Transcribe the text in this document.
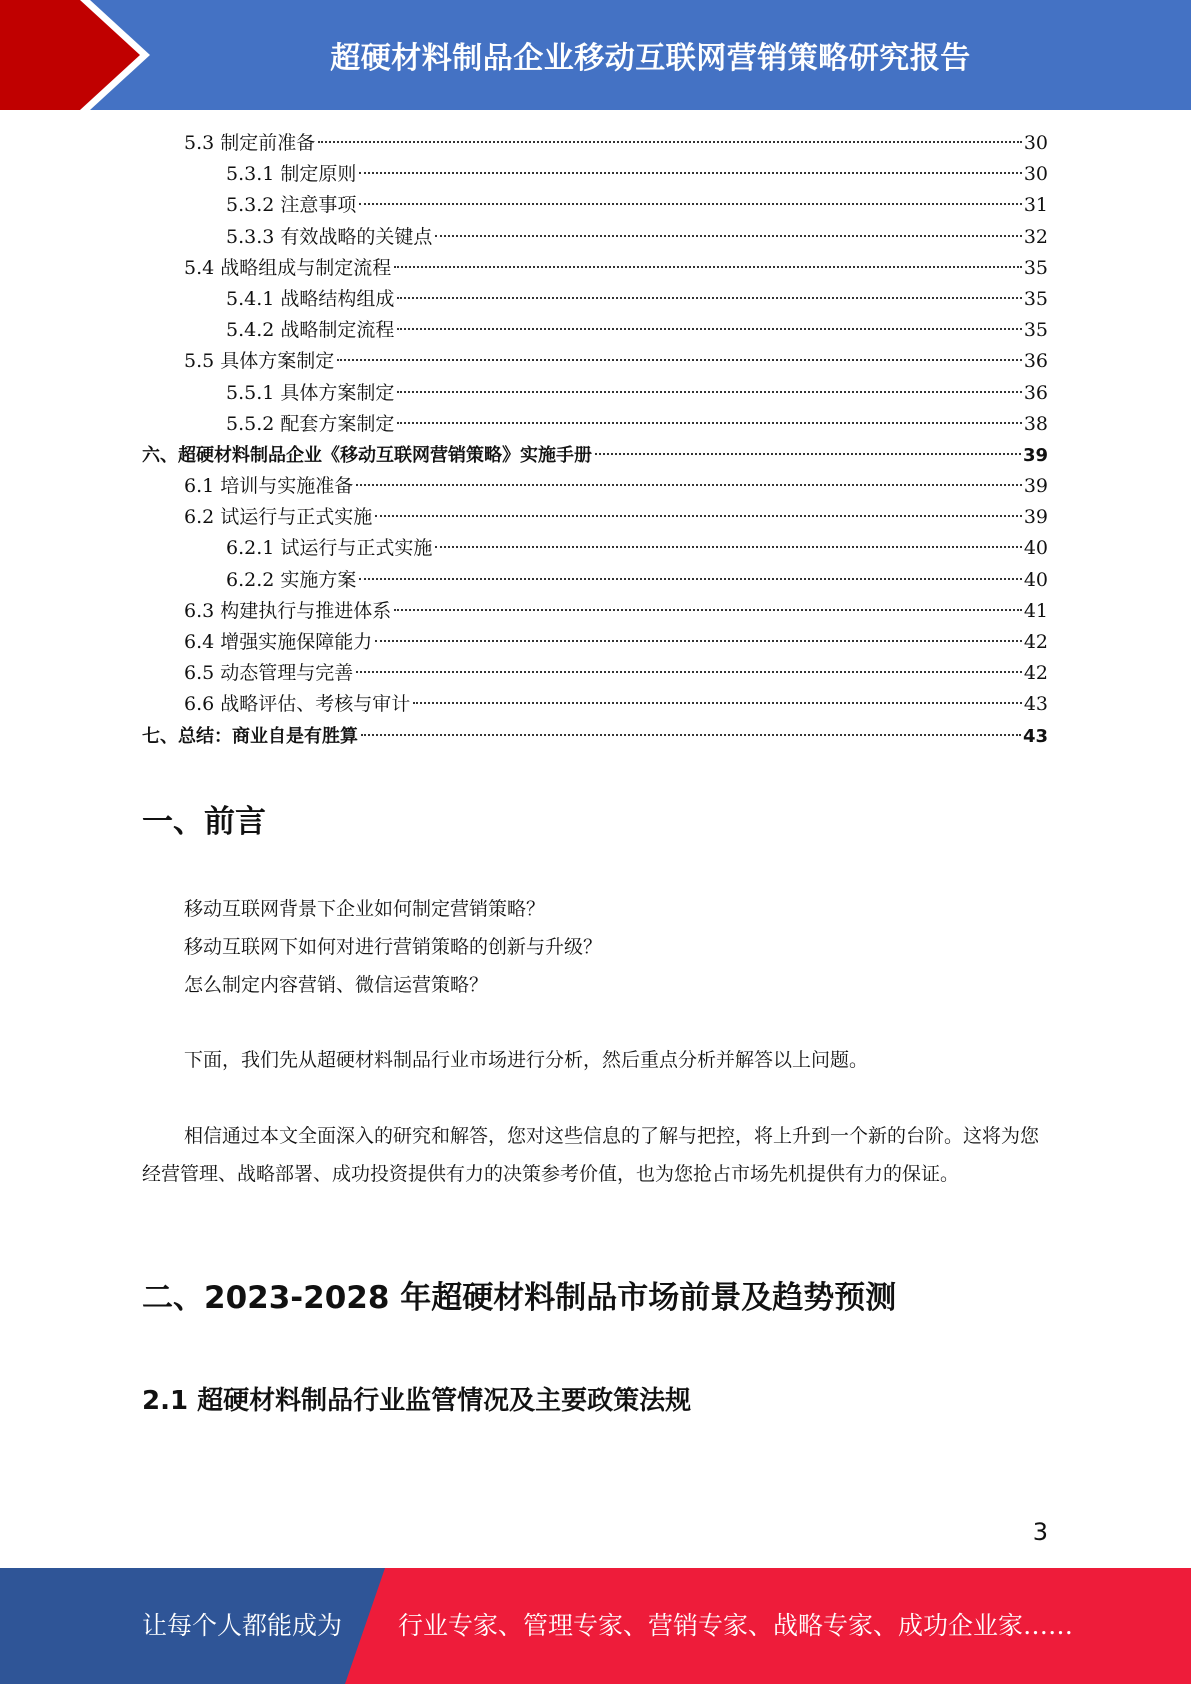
超硬材料制品企业移动互联网营销策略研究报告
5.3 制定前准备	30
5.3.1 制定原则	30
5.3.2 注意事项	31
5.3.3 有效战略的关键点	32
5.4 战略组成与制定流程	35
5.4.1 战略结构组成	35
5.4.2 战略制定流程	35
5.5 具体方案制定	36
5.5.1 具体方案制定	36
5.5.2 配套方案制定	38
六、超硬材料制品企业《移动互联网营销策略》实施手册	39
6.1 培训与实施准备	39
6.2 试运行与正式实施	39
6.2.1 试运行与正式实施	40
6.2.2 实施方案	40
6.3 构建执行与推进体系	41
6.4 增强实施保障能力	42
6.5 动态管理与完善	42
6.6 战略评估、考核与审计	43
七、总结：商业自是有胜算	43
一、前言
移动互联网背景下企业如何制定营销策略？
移动互联网下如何对进行营销策略的创新与升级？
怎么制定内容营销、微信运营策略？
下面，我们先从超硬材料制品行业市场进行分析，然后重点分析并解答以上问题。
相信通过本文全面深入的研究和解答，您对这些信息的了解与把控，将上升到一个新的台阶。这将为您经营管理、战略部署、成功投资提供有力的决策参考价值，也为您抢占市场先机提供有力的保证。
二、2023-2028 年超硬材料制品市场前景及趋势预测
2.1 超硬材料制品行业监管情况及主要政策法规
3
让每个人都能成为 行业专家、管理专家、营销专家、战略专家、成功企业家……
